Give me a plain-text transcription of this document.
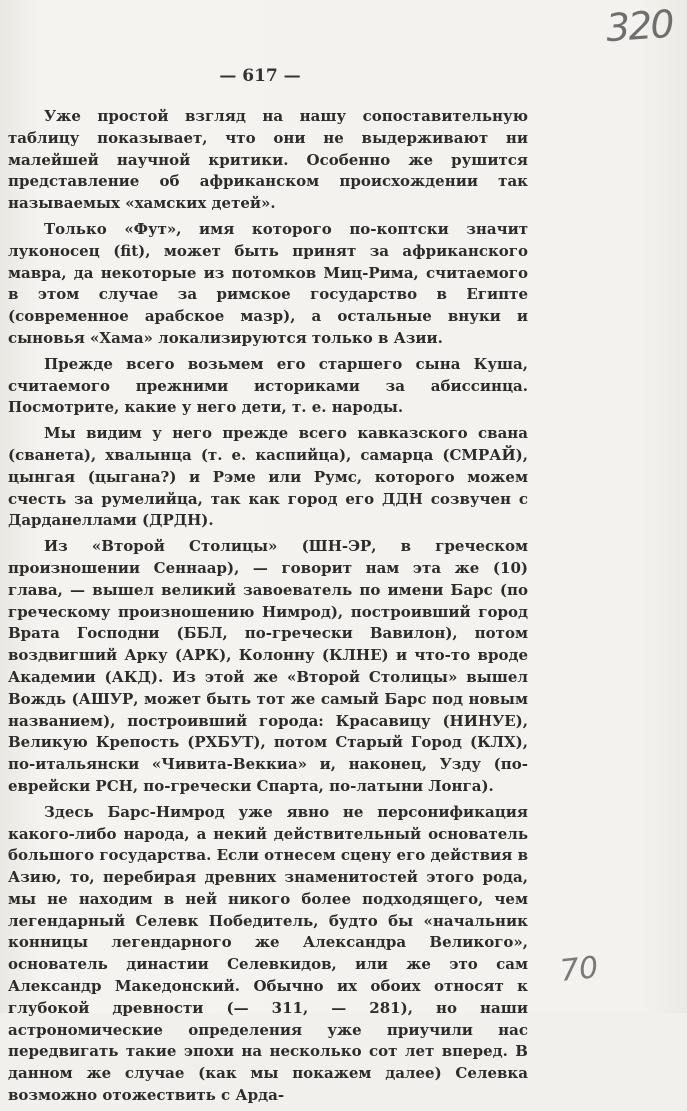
320
— 617 —

Уже простой взгляд на нашу сопоставительную таблицу показывает, что они не выдерживают ни малейшей научной критики. Особенно же рушится представление об африканском происхождении так называемых «хамских детей».

Только «Фут», имя которого по-коптски значит луконосец (fit), может быть принят за африканского мавра, да некоторые из потомков Миц-Рима, считаемого в этом случае за римское государство в Египте (современное арабское мазр), а остальные внуки и сыновья «Хама» локализируются только в Азии.

Прежде всего возьмем его старшего сына Куша, считаемого прежними историками за абиссинца. Посмотрите, какие у него дети, т. е. народы.

Мы видим у него прежде всего кавказского свана (сванета), хвалынца (т. е. каспийца), самарца (СМРАЙ), цынгая (цыгана?) и Рэме или Румс, которого можем счесть за румелийца, так как город его ДДН созвучен с Дарданеллами (ДРДН).

Из «Второй Столицы» (ШН-ЭР, в греческом произношении Сеннаар), — говорит нам эта же (10) глава, — вышел великий завоеватель по имени Барс (по греческому произношению Нимрод), построивший город Врата Господни (ББЛ, по-гречески Вавилон), потом воздвигший Арку (АРК), Колонну (КЛНЕ) и что-то вроде Академии (АКД). Из этой же «Второй Столицы» вышел Вождь (АШУР, может быть тот же самый Барс под новым названием), построивший города: Красавицу (НИНУЕ), Великую Крепость (РХБУТ), потом Старый Город (КЛХ), по-итальянски «Чивита-Веккиа» и, наконец, Узду (по-еврейски РСН, по-гречески Спарта, по-латыни Лонга).

Здесь Барс-Нимрод уже явно не персонификация какого-либо народа, а некий действительный основатель большого государства. Если отнесем сцену его действия в Азию, то, перебирая древних знаменитостей этого рода, мы не находим в ней никого более подходящего, чем легендарный Селевк Победитель, будто бы «начальник конницы легендарного же Александра Великого», основатель династии Селевкидов, или же это сам Александр Македонский. Обычно их обоих относят к глубокой древности (— 311, — 281), но наши астрономические определения уже приучили нас передвигать такие эпохи на несколько сот лет вперед. В данном же случае (как мы покажем далее) Селевка возможно отожествить с Арда-

70
